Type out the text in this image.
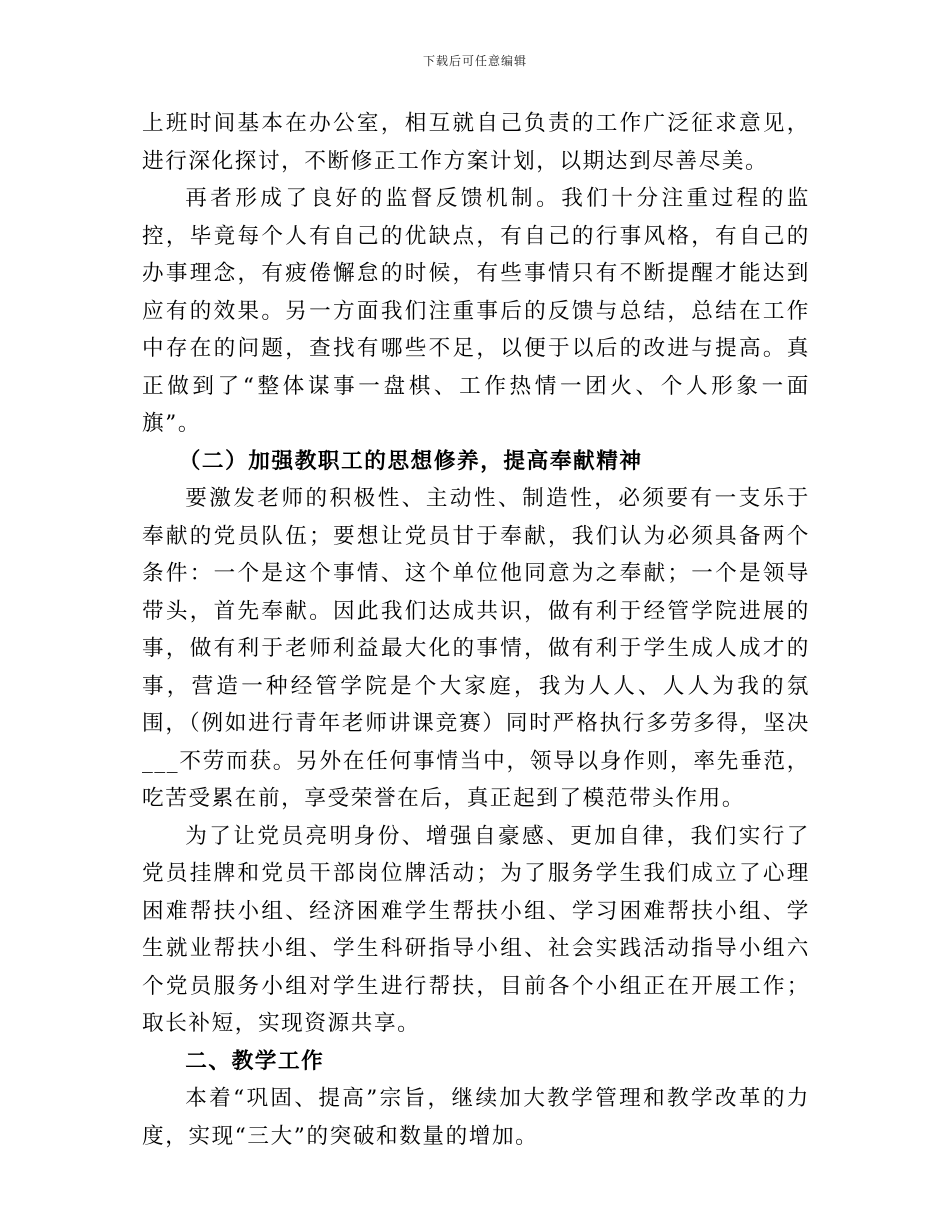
下载后可任意编辑

上班时间基本在办公室，相互就自己负责的工作广泛征求意见，进行深化探讨，不断修正工作方案计划，以期达到尽善尽美。

再者形成了良好的监督反馈机制。我们十分注重过程的监控，毕竟每个人有自己的优缺点，有自己的行事风格，有自己的办事理念，有疲倦懈怠的时候，有些事情只有不断提醒才能达到应有的效果。另一方面我们注重事后的反馈与总结，总结在工作中存在的问题，查找有哪些不足，以便于以后的改进与提高。真正做到了“整体谋事一盘棋、工作热情一团火、个人形象一面旗”。

（二）加强教职工的思想修养，提高奉献精神

要激发老师的积极性、主动性、制造性，必须要有一支乐于奉献的党员队伍；要想让党员甘于奉献，我们认为必须具备两个条件：一个是这个事情、这个单位他同意为之奉献；一个是领导带头，首先奉献。因此我们达成共识，做有利于经管学院进展的事，做有利于老师利益最大化的事情，做有利于学生成人成才的事，营造一种经管学院是个大家庭，我为人人、人人为我的氛围，（例如进行青年老师讲课竞赛）同时严格执行多劳多得，坚决___不劳而获。另外在任何事情当中，领导以身作则，率先垂范，吃苦受累在前，享受荣誉在后，真正起到了模范带头作用。

为了让党员亮明身份、增强自豪感、更加自律，我们实行了党员挂牌和党员干部岗位牌活动；为了服务学生我们成立了心理困难帮扶小组、经济困难学生帮扶小组、学习困难帮扶小组、学生就业帮扶小组、学生科研指导小组、社会实践活动指导小组六个党员服务小组对学生进行帮扶，目前各个小组正在开展工作；取长补短，实现资源共享。

二、教学工作

本着“巩固、提高”宗旨，继续加大教学管理和教学改革的力度，实现“三大”的突破和数量的增加。
